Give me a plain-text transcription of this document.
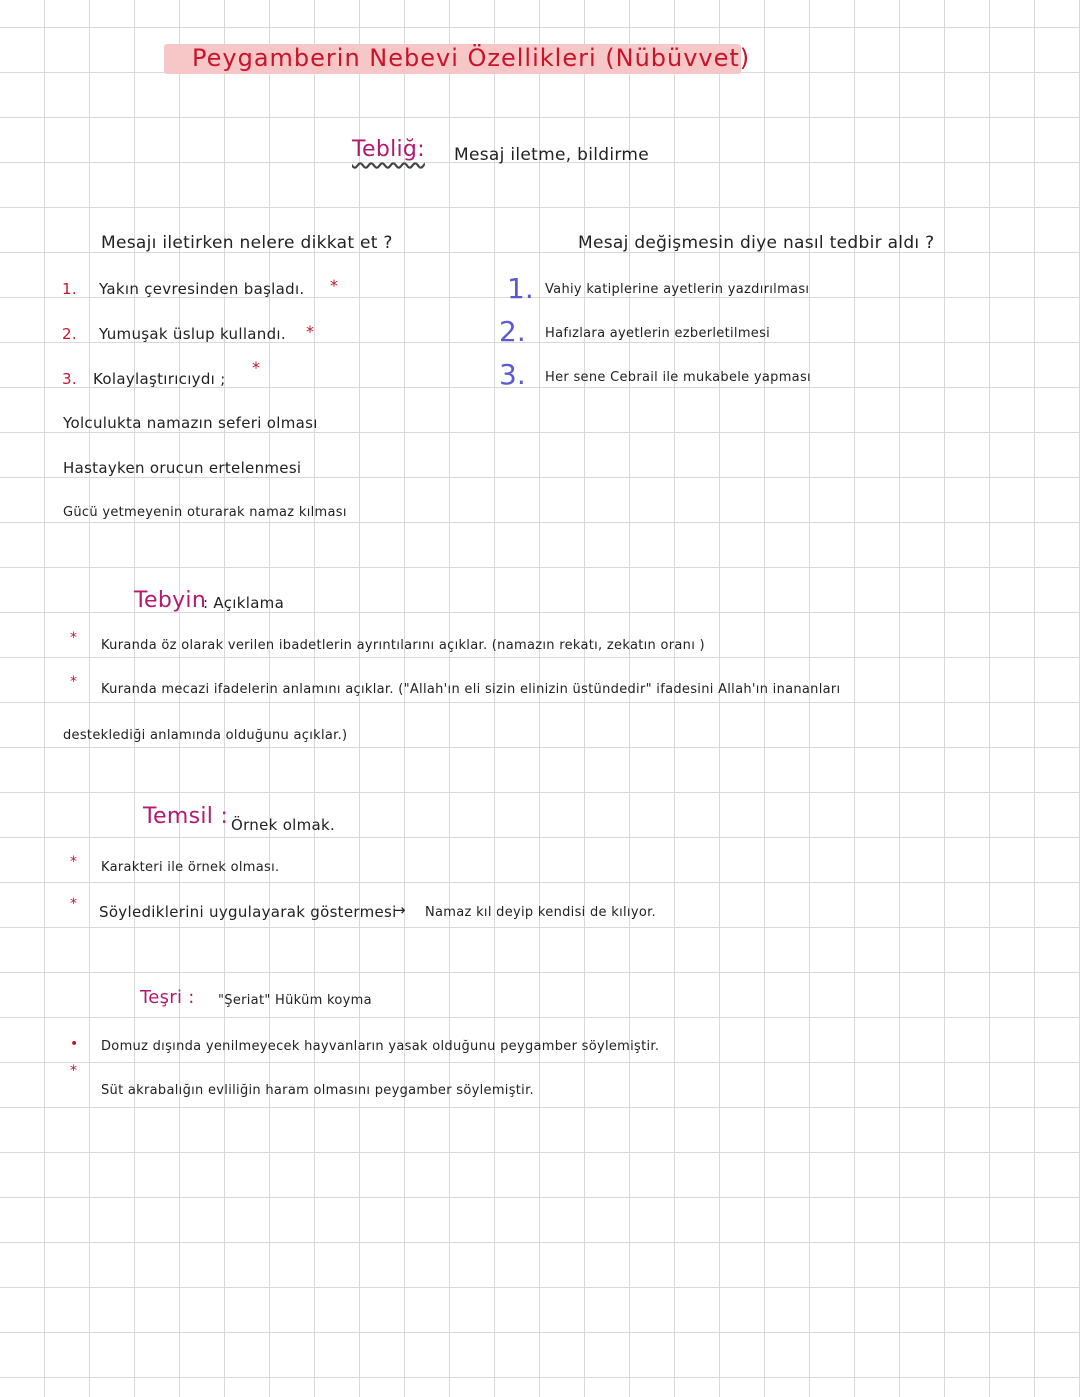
Peygamberin Nebevi Özellikleri (Nübüvvet)
Tebliğ: Mesaj iletme, bildirme
Mesajı iletirken nelere dikkat et ?
1. Yakın çevresinden başladı. *
2. Yumuşak üslup kullandı. *
3. Kolaylaştırıcıydı ;
*
Yolculukta namazın seferi olması
Hastayken orucun ertelenmesi
Gücü yetmeyenin oturarak namaz kılması
Mesaj değişmesin diye nasıl tedbir aldı ?
1. Vahiy katiplerine ayetlerin yazdırılması
2. Hafızlara ayetlerin ezberletilmesi
3. Her sene Cebrail ile mukabele yapması
Tebyin
: Açıklama
* Kuranda öz olarak verilen ibadetlerin ayrıntılarını açıklar. (namazın rekatı, zekatın oranı )
* Kuranda mecazi ifadelerin anlamını açıklar. ("Allah'ın eli sizin elinizin üstündedir" ifadesini Allah'ın inananları
desteklediği anlamında olduğunu açıklar.)
Temsil : Örnek olmak.
* Karakteri ile örnek olması.
* Söylediklerini uygulayarak göstermesi
→ Namaz kıl deyip kendisi de kılıyor.
Teşri : "Şeriat" Hüküm koyma
• Domuz dışında yenilmeyecek hayvanların yasak olduğunu peygamber söylemiştir.
*
Süt akrabalığın evliliğin haram olmasını peygamber söylemiştir.
